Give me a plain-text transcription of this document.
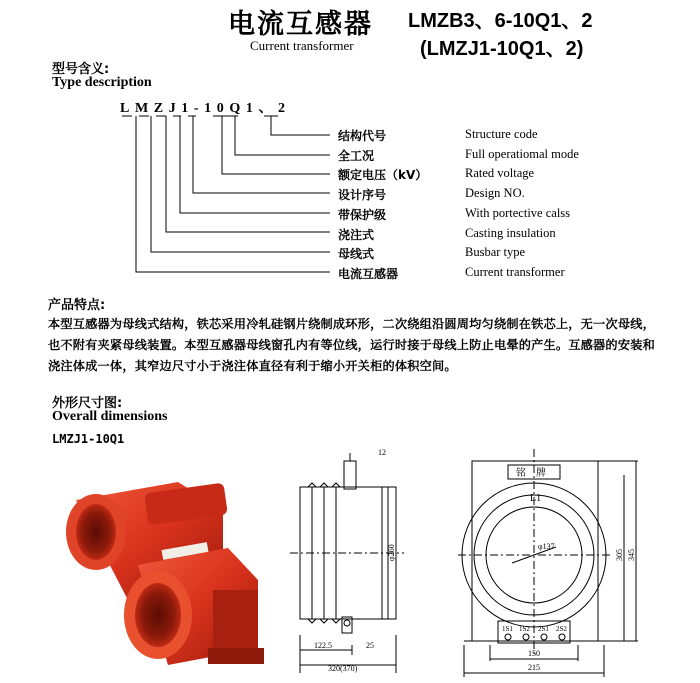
电流互感器
Current transformer
LMZB3、6-10Q1、2
(LMZJ1-10Q1、2)
型号含义:
Type description
LMZJ1-10Q1、2
结构代号	Structure code
全工况	Full operatiomal mode
额定电压（kV）	Rated voltage
设计序号	Design NO.
带保护级	With portective calss
浇注式	Casting insulation
母线式	Busbar type
电流互感器	Current transformer
产品特点:
本型互感器为母线式结构，铁芯采用冷轧硅钢片绕制成环形，二次绕组沿圆周均匀绕制在铁芯上，无一次母线，也不附有夹紧母线装置。本型互感器母线窗孔内有等位线，运行时接于母线上防止电晕的产生。互感器的安装和浇注体成一体，其窄边尺寸小于浇注体直径有利于缩小开关柜的体积空间。
外形尺寸图:
Overall dimensions
LMZJ1-10Q1
12
φ260
122.5	25
320(370)
铭　牌
L1
φ137
1S1 1S2 2S1 2S2
305 345
150
215
